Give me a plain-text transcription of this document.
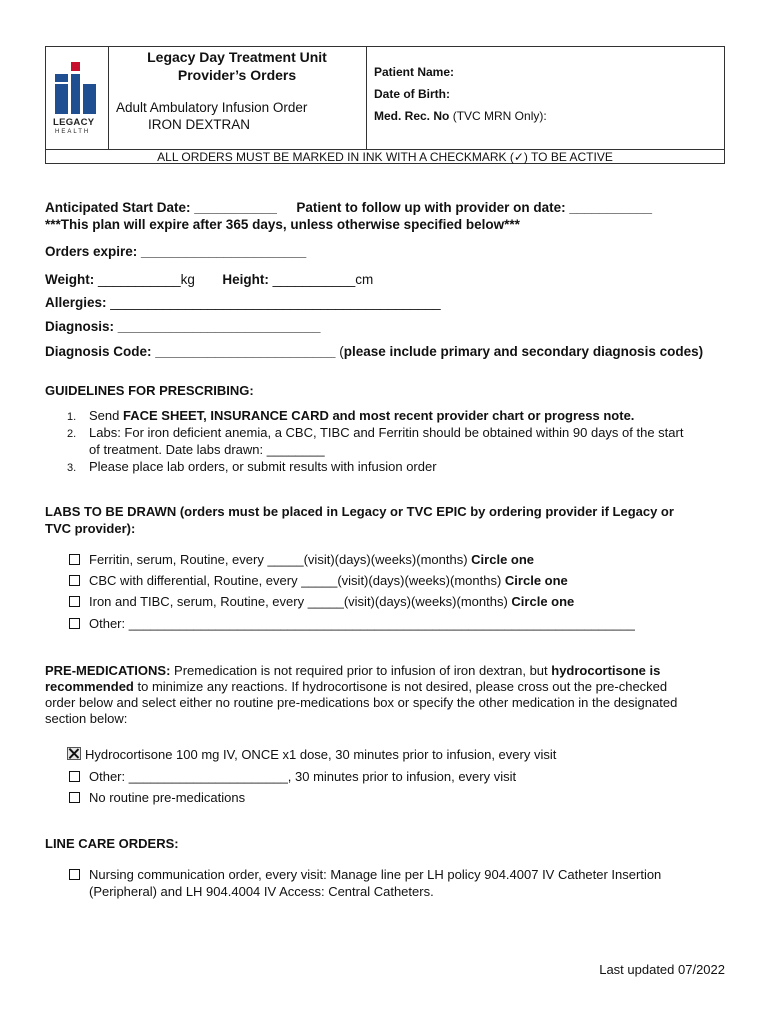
LEGACY
HEALTH
Legacy Day Treatment Unit
Provider’s Orders
Adult Ambulatory Infusion Order
IRON DEXTRAN
Patient Name:
Date of Birth:
Med. Rec. No (TVC MRN Only):
ALL ORDERS MUST BE MARKED IN INK WITH A CHECKMARK (✓) TO BE ACTIVE
Anticipated Start Date: ___________ Patient to follow up with provider on date: ___________
***This plan will expire after 365 days, unless otherwise specified below***
Orders expire: ______________________
Weight: ___________kg Height: ___________cm
Allergies: ____________________________________________
Diagnosis: ___________________________
Diagnosis Code: ________________________ (please include primary and secondary diagnosis codes)
GUIDELINES FOR PRESCRIBING:
1. Send FACE SHEET, INSURANCE CARD and most recent provider chart or progress note.
2. Labs: For iron deficient anemia, a CBC, TIBC and Ferritin should be obtained within 90 days of the start
of treatment. Date labs drawn: ________
3. Please place lab orders, or submit results with infusion order
LABS TO BE DRAWN (orders must be placed in Legacy or TVC EPIC by ordering provider if Legacy or
TVC provider):
Ferritin, serum, Routine, every _____(visit)(days)(weeks)(months) Circle one
CBC with differential, Routine, every _____(visit)(days)(weeks)(months) Circle one
Iron and TIBC, serum, Routine, every _____(visit)(days)(weeks)(months) Circle one
Other: ______________________________________________________________________
PRE-MEDICATIONS: Premedication is not required prior to infusion of iron dextran, but hydrocortisone is
recommended to minimize any reactions. If hydrocortisone is not desired, please cross out the pre-checked
order below and select either no routine pre-medications box or specify the other medication in the designated
section below:
Hydrocortisone 100 mg IV, ONCE x1 dose, 30 minutes prior to infusion, every visit
Other: ______________________, 30 minutes prior to infusion, every visit
No routine pre-medications
LINE CARE ORDERS:
Nursing communication order, every visit: Manage line per LH policy 904.4007 IV Catheter Insertion
(Peripheral) and LH 904.4004 IV Access: Central Catheters.
Last updated 07/2022
